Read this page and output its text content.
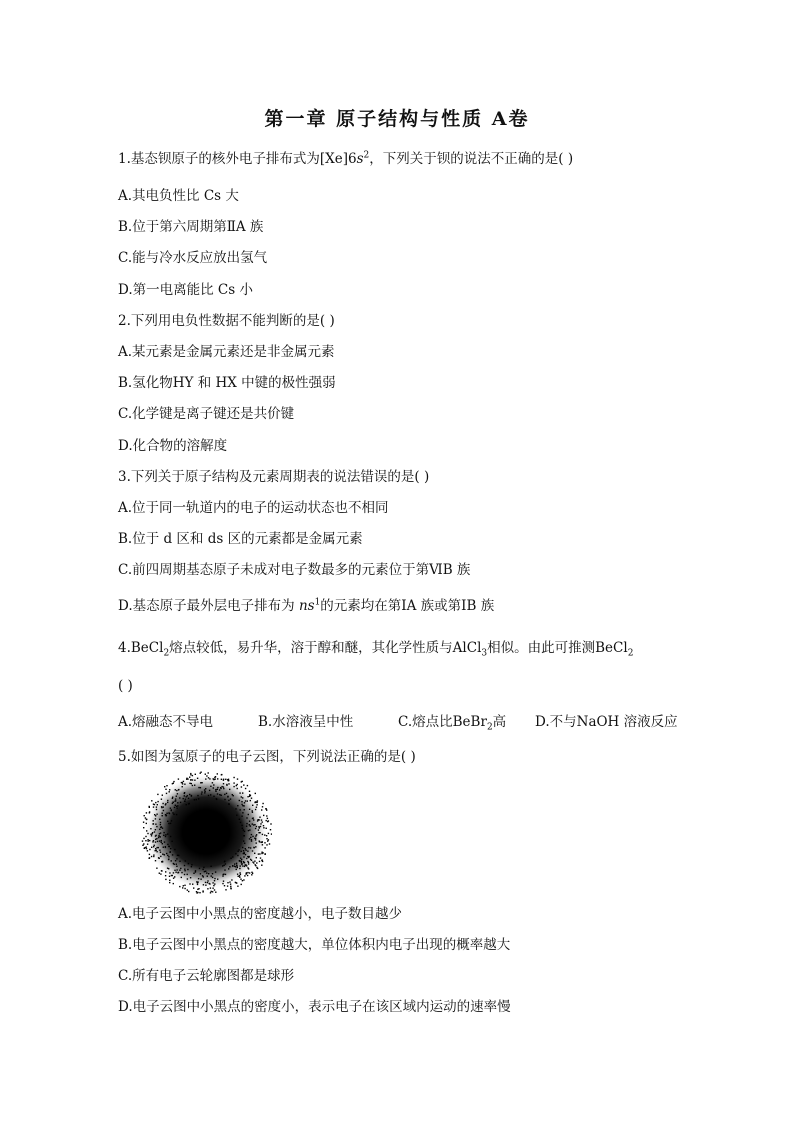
第一章 原子结构与性质 A卷
1.基态钡原子的核外电子排布式为$[Xe]6s^2$，下列关于钡的说法不正确的是( )
A.其电负性比 Cs 大
B.位于第六周期第ⅡA 族
C.能与冷水反应放出氢气
D.第一电离能比 Cs 小
2.下列用电负性数据不能判断的是( )
A.某元素是金属元素还是非金属元素
B.氢化物HY 和 HX 中键的极性强弱
C.化学键是离子键还是共价键
D.化合物的溶解度
3.下列关于原子结构及元素周期表的说法错误的是( )
A.位于同一轨道内的电子的运动状态也不相同
B.位于 d 区和 ds 区的元素都是金属元素
C.前四周期基态原子未成对电子数最多的元素位于第ⅥB 族
D.基态原子最外层电子排布为 $ns^1$的元素均在第ⅠA 族或第ⅠB 族
4.BeCl$_2$熔点较低，易升华，溶于醇和醚，其化学性质与AlCl$_3$相似。由此可推测BeCl$_2$
( )
A.熔融态不导电	B.水溶液呈中性	C.熔点比BeBr$_2$高 D.不与NaOH 溶液反应
5.如图为氢原子的电子云图，下列说法正确的是( )
A.电子云图中小黑点的密度越小，电子数目越少
B.电子云图中小黑点的密度越大，单位体积内电子出现的概率越大
C.所有电子云轮廓图都是球形
D.电子云图中小黑点的密度小，表示电子在该区域内运动的速率慢
